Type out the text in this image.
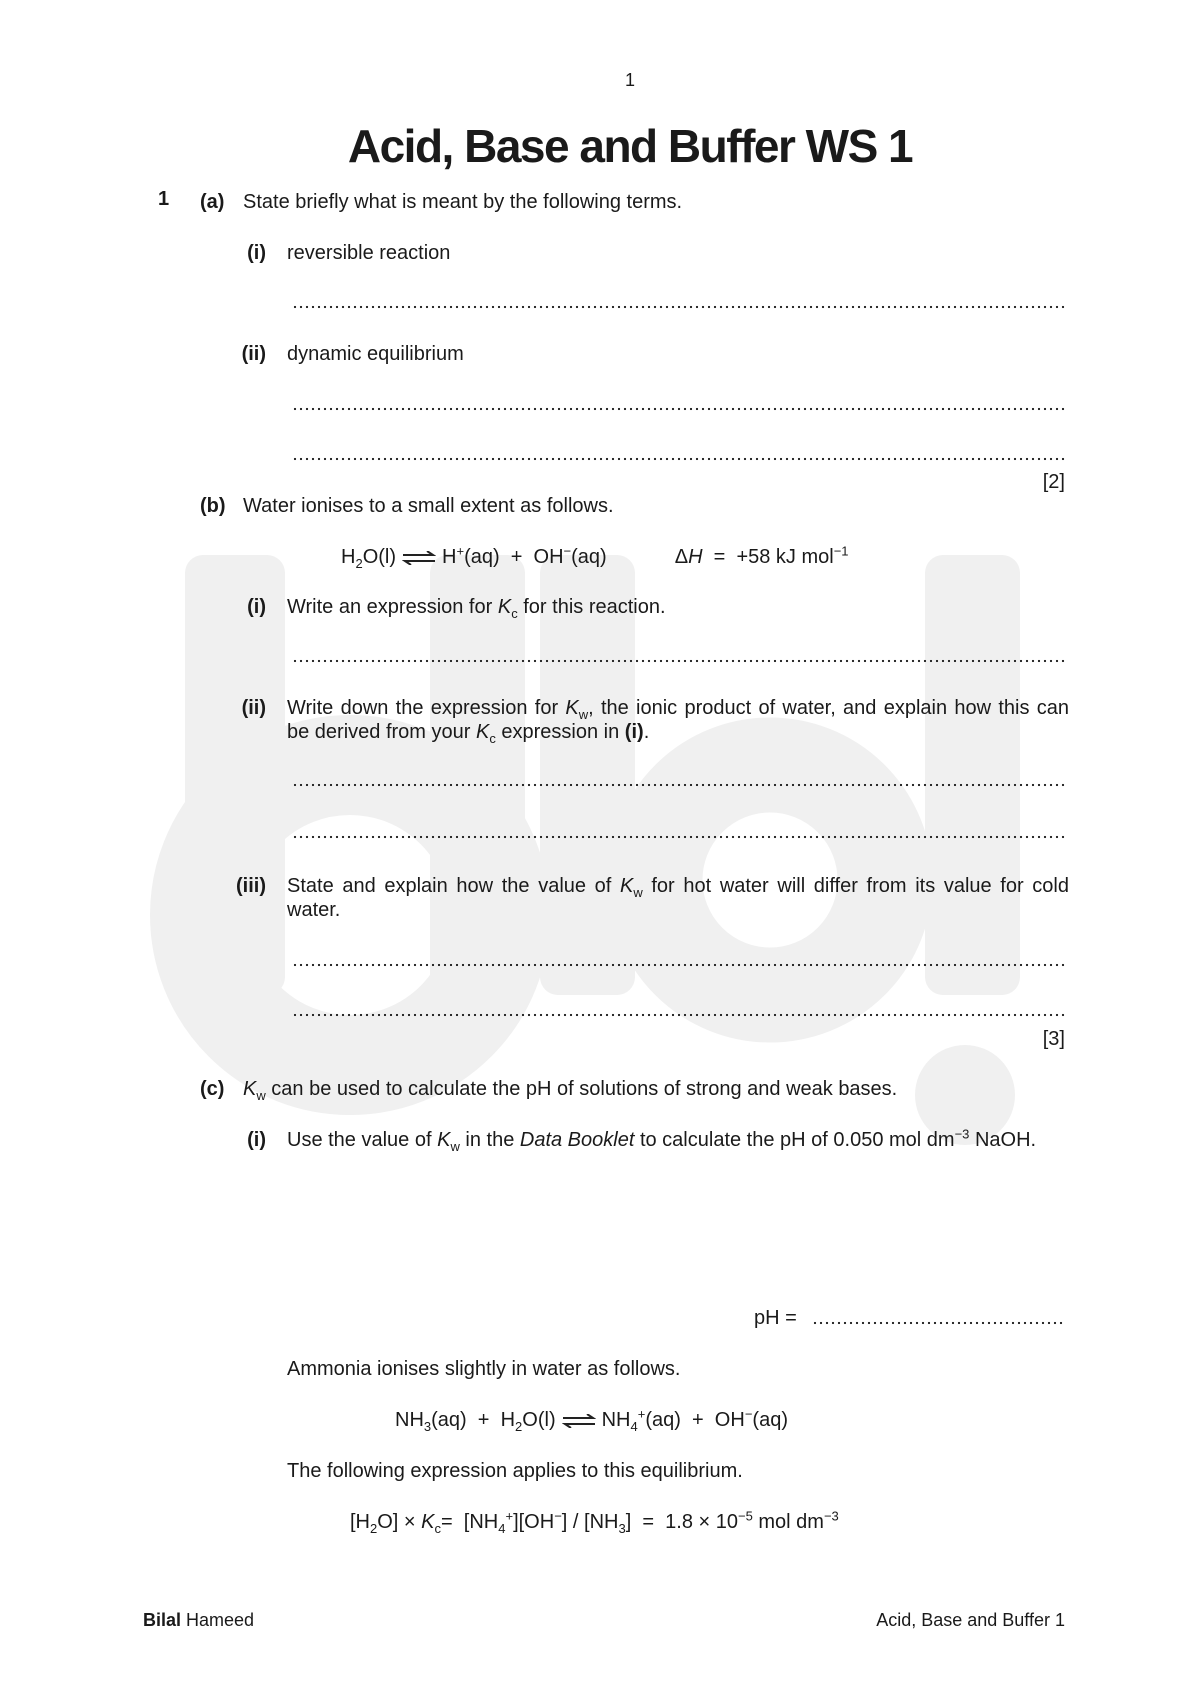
1
Acid, Base and Buffer WS 1
1 (a) State briefly what is meant by the following terms.
(i) reversible reaction
(ii) dynamic equilibrium
[2]
(b) Water ionises to a small extent as follows.
$H_2O(l)$ ⇌ H+(aq)  +  OH−(aq)	ΔH  =  +58 kJ mol$^{-1}$
(i) Write an expression for $K_c$ for this reaction.
(ii) Write down the expression for $K_w$, the ionic product of water, and explain how this can be derived from your $K_c$ expression in (i).
(iii) State and explain how the value of $K_w$ for hot water will differ from its value for cold water.
[3]
(c) $K_w$ can be used to calculate the pH of solutions of strong and weak bases.
(i) Use the value of $K_w$ in the Data Booklet to calculate the pH of 0.050 mol $dm^{-3}$ NaOH.
pH =
Ammonia ionises slightly in water as follows.
$NH_3(aq) + H_2O(l)$ ⇌ $NH_4^+(aq) + OH^-(aq)$
The following expression applies to this equilibrium.
$[H_2O] \times K_c= [NH_4^+][OH^-] / [NH_3] = 1.8 \times 10^{-5}$ mol $dm^{-3}$
Bilal Hameed	Acid, Base and Buffer 1
